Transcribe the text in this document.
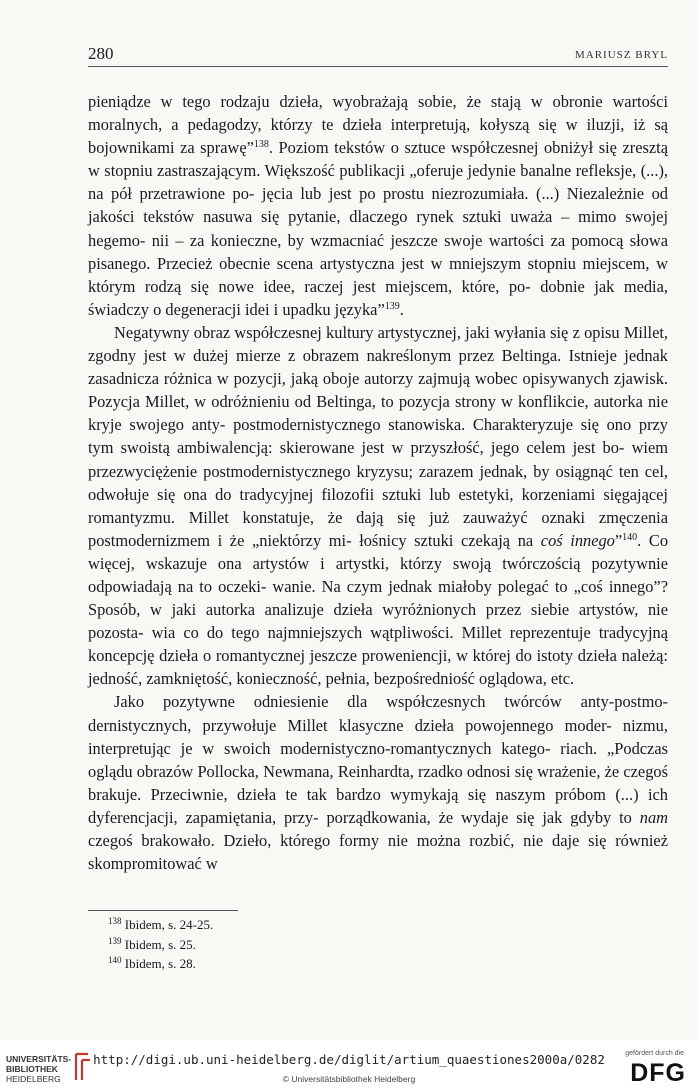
280	MARIUSZ BRYL

pieniądze w tego rodzaju dzieła, wyobrażają sobie, że stają w obronie wartości moralnych, a pedagodzy, którzy te dzieła interpretują, kołyszą się w iluzji, iż są bojownikami za sprawę”$^{138}$. Poziom tekstów o sztuce współczesnej obniżył się zresztą w stopniu zastraszającym. Większość publikacji „oferuje jedynie banalne refleksje, (...), na pół przetrawione po- jęcia lub jest po prostu niezrozumiała. (...) Niezależnie od jakości tekstów nasuwa się pytanie, dlaczego rynek sztuki uważa – mimo swojej hegemo- nii – za konieczne, by wzmacniać jeszcze swoje wartości za pomocą słowa pisanego. Przecież obecnie scena artystyczna jest w mniejszym stopniu miejscem, w którym rodzą się nowe idee, raczej jest miejscem, które, po- dobnie jak media, świadczy o degeneracji idei i upadku języka”$^{139}$.

Negatywny obraz współczesnej kultury artystycznej, jaki wyłania się z opisu Millet, zgodny jest w dużej mierze z obrazem nakreślonym przez Beltinga. Istnieje jednak zasadnicza różnica w pozycji, jaką oboje autorzy zajmują wobec opisywanych zjawisk. Pozycja Millet, w odróżnieniu od Beltinga, to pozycja strony w konflikcie, autorka nie kryje swojego anty- postmodernistycznego stanowiska. Charakteryzuje się ono przy tym swoistą ambiwalencją: skierowane jest w przyszłość, jego celem jest bo- wiem przezwyciężenie postmodernistycznego kryzysu; zarazem jednak, by osiągnąć ten cel, odwołuje się ona do tradycyjnej filozofii sztuki lub estetyki, korzeniami sięgającej romantyzmu. Millet konstatuje, że dają się już zauważyć oznaki zmęczenia postmodernizmem i że „niektórzy mi- łośnicy sztuki czekają na coś innego”$^{140}$. Co więcej, wskazuje ona artystów i artystki, którzy swoją twórczością pozytywnie odpowiadają na to oczeki- wanie. Na czym jednak miałoby polegać to „coś innego”? Sposób, w jaki autorka analizuje dzieła wyróżnionych przez siebie artystów, nie pozosta- wia co do tego najmniejszych wątpliwości. Millet reprezentuje tradycyjną koncepcję dzieła o romantycznej jeszcze proweniencji, w której do istoty dzieła należą: jedność, zamkniętość, konieczność, pełnia, bezpośredniość oglądowa, etc.

Jako pozytywne odniesienie dla współczesnych twórców anty-postmo- dernistycznych, przywołuje Millet klasyczne dzieła powojennego moder- nizmu, interpretując je w swoich modernistyczno-romantycznych katego- riach. „Podczas oglądu obrazów Pollocka, Newmana, Reinhardta, rzadko odnosi się wrażenie, że czegoś brakuje. Przeciwnie, dzieła te tak bardzo wymykają się naszym próbom (...) ich dyferencjacji, zapamiętania, przy- porządkowania, że wydaje się jak gdyby to nam czegoś brakowało. Dzieło, którego formy nie można rozbić, nie daje się również skompromitować w

$^{138}$ Ibidem, s. 24-25.
$^{139}$ Ibidem, s. 25.
$^{140}$ Ibidem, s. 28.
UNIVERSITÄTS-
BIBLIOTHEK
HEIDELBERG
http://digi.ub.uni-heidelberg.de/diglit/artium_quaestiones2000a/0282
© Universitätsbibliothek Heidelberg
gefördert durch die
DFG
